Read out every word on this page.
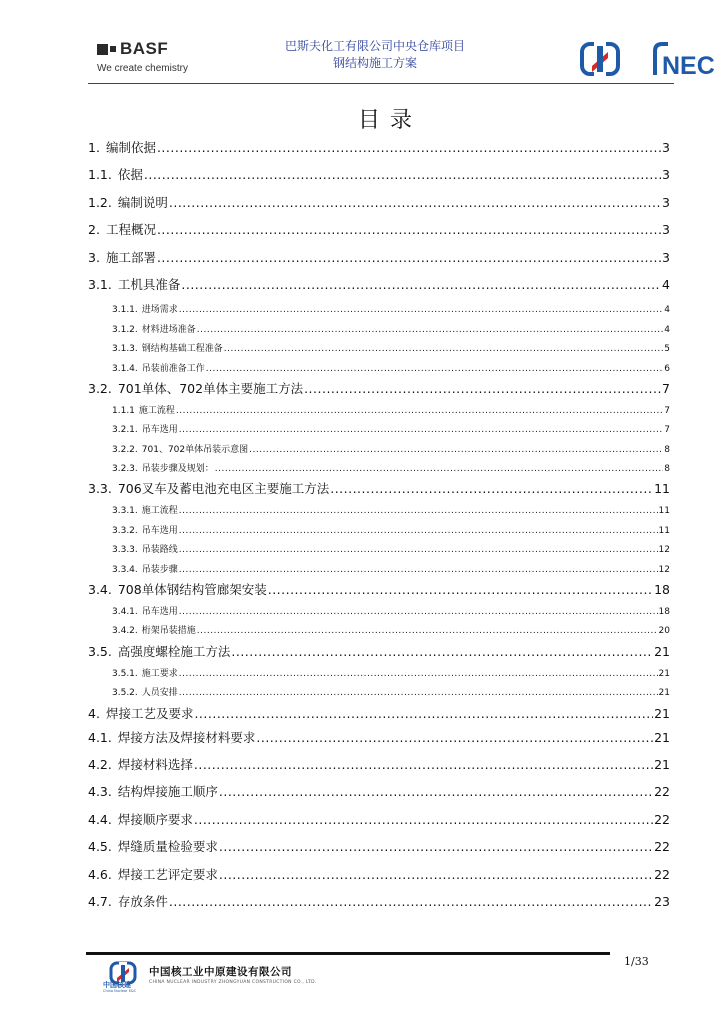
BASF
We create chemistry
巴斯夫化工有限公司中央仓库项目
钢结构施工方案	NEC
目录
1. 编制依据 .....	3
1.1. 依据 .....	3
1.2. 编制说明 .....	3
2. 工程概况 .....	3
3. 施工部署 .....	3
3.1. 工机具准备 .....	4
3.1.1. 进场需求 .....	4
3.1.2. 材料进场准备 .....	4
3.1.3. 钢结构基础工程准备 .....	5
3.1.4. 吊装前准备工作 .....	6
3.2. 701单体、702单体主要施工方法 .....	7
1.1.1 施工流程 .....	7
3.2.1. 吊车选用 .....	7
3.2.2. 701、702单体吊装示意图 .....	8
3.2.3. 吊装步骤及规划： .....	8
3.3. 706叉车及蓄电池充电区主要施工方法 .....	11
3.3.1. 施工流程 .....	11
3.3.2. 吊车选用 .....	11
3.3.3. 吊装路线 .....	12
3.3.4. 吊装步骤 .....	12
3.4. 708单体钢结构管廊架安装 .....	18
3.4.1. 吊车选用 .....	18
3.4.2. 桁架吊装措施 .....	20
3.5. 高强度螺栓施工方法 .....	21
3.5.1. 施工要求 .....	21
3.5.2. 人员安排 .....	21
4. 焊接工艺及要求 .....	21
4.1. 焊接方法及焊接材料要求 .....	21
4.2. 焊接材料选择 .....	21
4.3. 结构焊接施工顺序 .....	22
4.4. 焊接顺序要求 .....	22
4.5. 焊缝质量检验要求 .....	22
4.6. 焊接工艺评定要求 .....	22
4.7. 存放条件 .....	23
1/33
中国核建
China Nuclear E&C
中国核工业中原建设有限公司
CHINA NUCLEAR INDUSTRY ZHONGYUAN CONSTRUCTION CO., LTD.
